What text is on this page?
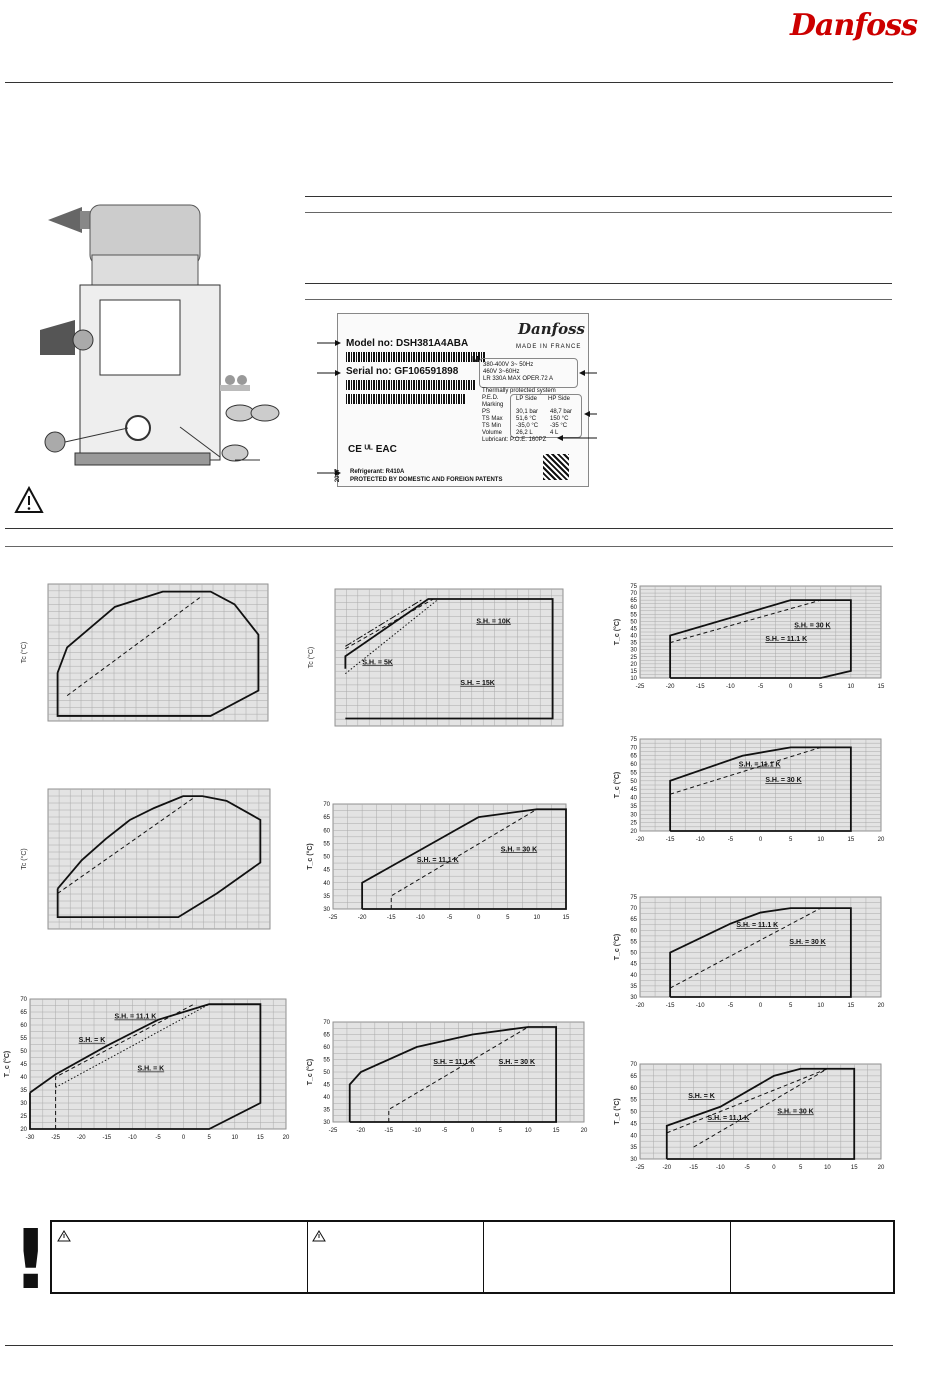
Danfoss
Danfoss
MADE IN FRANCE
Model no: DSH381A4ABA
Serial no: GF106591898
M
380-400V 3~ 50Hz
460V 3~60Hz
LR 330A MAX OPER.72 A
Thermally protected system
P.E.D.	LP Side HP Side
Marking
PS	30,1 bar 48,7 bar
TS Max 51,6 °C 150 °C
TS Min -35,0 °C -35 °C
Volume 26,2 L	4 L
Lubricant: P.O.E. 160PZ
CE ᵁᴸ EAC
2017 Refrigerant: R410A
PROTECTED BY DOMESTIC AND FOREIGN PATENTS
Tc (°C)
Tc (°C)
Tc (°C)
S.H. = 10K
S.H. = 5K
S.H. = 15K
-25	-20	-15	-10	-5	0	5	10	15
30
35
40
45
50
55
60
65
70
T_c (°C)	S.H. = 11.1 K
S.H. = 30 K
-30	-25	-20	-15	-10	-5	0	5	10	15	20
20
25
30
35
40
45
50
55
60
65
70
T_c (°C)
S.H. = 11.1 K
S.H. = K
S.H. = K
-25	-20	-15	-10	-5	0	5	10	15	20
30
35
40
45
50
55
60
65
70
T_c (°C)	S.H. = 11.1 K	S.H. = 30 K
-25	-20	-15	-10	-5	0	5	10	15
10
15
20
25
30
35
40
45
50
55
60
65
70
75
T_c (°C)	S.H. = 30 K
S.H. = 11.1 K
-20	-15	-10	-5	0	5	10	15	20
20
25
30
35
40
45
50
55
60
65
70
75
T_c (°C)
S.H. = 11.1 K
S.H. = 30 K
-20	-15	-10	-5	0	5	10	15	20
30
35
40
45
50
55
60
65
70
75
T_c (°C)
S.H. = 11.1 K
S.H. = 30 K
-25	-20	-15	-10	-5	0	5	10	15	20
30
35
40
45
50
55
60
65
70
T_c (°C)
S.H. = K
S.H. = 11.1 K
S.H. = 30 K
!
